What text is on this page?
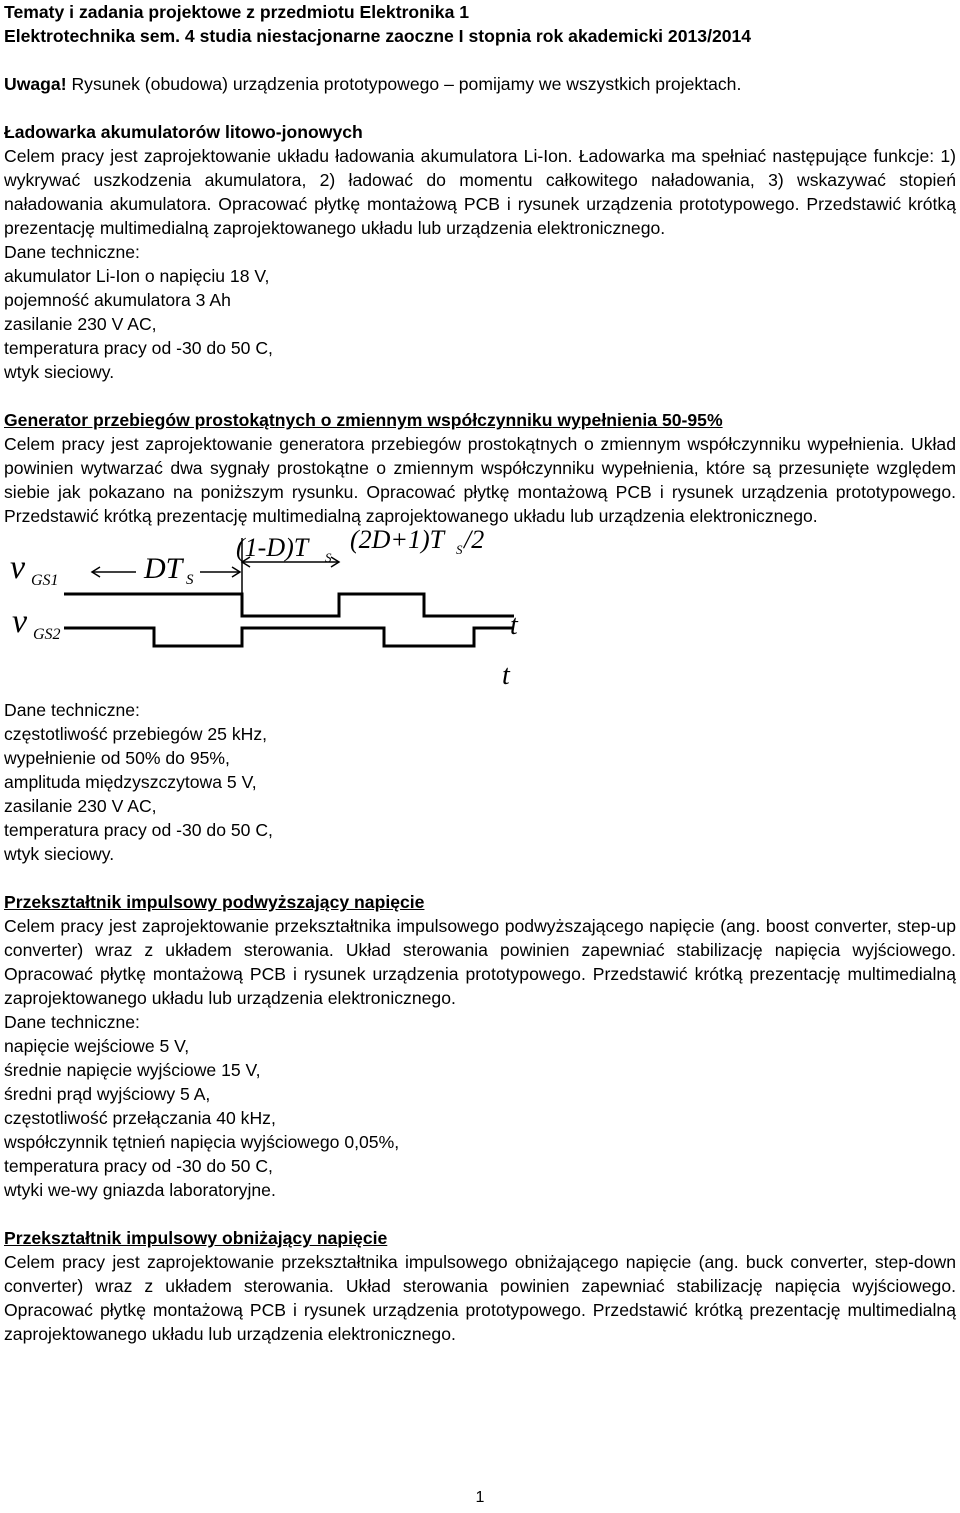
Tematy i zadania projektowe z przedmiotu Elektronika 1
Elektrotechnika sem. 4 studia niestacjonarne zaoczne I stopnia rok akademicki 2013/2014
Uwaga! Rysunek (obudowa) urządzenia prototypowego – pomijamy we wszystkich projektach.
Ładowarka akumulatorów litowo-jonowych
Celem pracy jest zaprojektowanie układu ładowania akumulatora Li-Ion. Ładowarka ma spełniać następujące funkcje: 1) wykrywać uszkodzenia akumulatora, 2) ładować do momentu całkowitego naładowania, 3) wskazywać stopień naładowania akumulatora. Opracować płytkę montażową PCB i rysunek urządzenia prototypowego. Przedstawić krótką prezentację multimedialną zaprojektowanego układu lub urządzenia elektronicznego.
Dane techniczne:
akumulator Li-Ion o napięciu 18 V,
pojemność akumulatora 3 Ah
zasilanie 230 V AC,
temperatura pracy od -30 do 50 C,
wtyk sieciowy.
Generator przebiegów prostokątnych o zmiennym współczynniku wypełnienia 50-95%
Celem pracy jest zaprojektowanie generatora przebiegów prostokątnych o zmiennym współczynniku wypełnienia. Układ powinien wytwarzać dwa sygnały prostokątne o zmiennym współczynniku wypełnienia, które są przesunięte względem siebie jak pokazano na poniższym rysunku. Opracować płytkę montażową PCB i rysunek urządzenia prototypowego. Przedstawić krótką prezentację multimedialną zaprojektowanego układu lub urządzenia elektronicznego.
v GS1
v GS2
DT S
(1-D)T S
(2D+1)T S /2
t
t
Dane techniczne:
częstotliwość przebiegów 25 kHz,
wypełnienie od 50% do 95%,
amplituda międzyszczytowa 5 V,
zasilanie 230 V AC,
temperatura pracy od -30 do 50 C,
wtyk sieciowy.
Przekształtnik impulsowy podwyższający napięcie
Celem pracy jest zaprojektowanie przekształtnika impulsowego podwyższającego napięcie (ang. boost converter, step-up converter) wraz z układem sterowania. Układ sterowania powinien zapewniać stabilizację napięcia wyjściowego. Opracować płytkę montażową PCB i rysunek urządzenia prototypowego. Przedstawić krótką prezentację multimedialną zaprojektowanego układu lub urządzenia elektronicznego.
Dane techniczne:
napięcie wejściowe 5 V,
średnie napięcie wyjściowe 15 V,
średni prąd wyjściowy 5 A,
częstotliwość przełączania 40 kHz,
współczynnik tętnień napięcia wyjściowego 0,05%,
temperatura pracy od -30 do 50 C,
wtyki we-wy gniazda laboratoryjne.
Przekształtnik impulsowy obniżający napięcie
Celem pracy jest zaprojektowanie przekształtnika impulsowego obniżającego napięcie (ang. buck converter, step-down converter) wraz z układem sterowania. Układ sterowania powinien zapewniać stabilizację napięcia wyjściowego. Opracować płytkę montażową PCB i rysunek urządzenia prototypowego. Przedstawić krótką prezentację multimedialną zaprojektowanego układu lub urządzenia elektronicznego.
1
